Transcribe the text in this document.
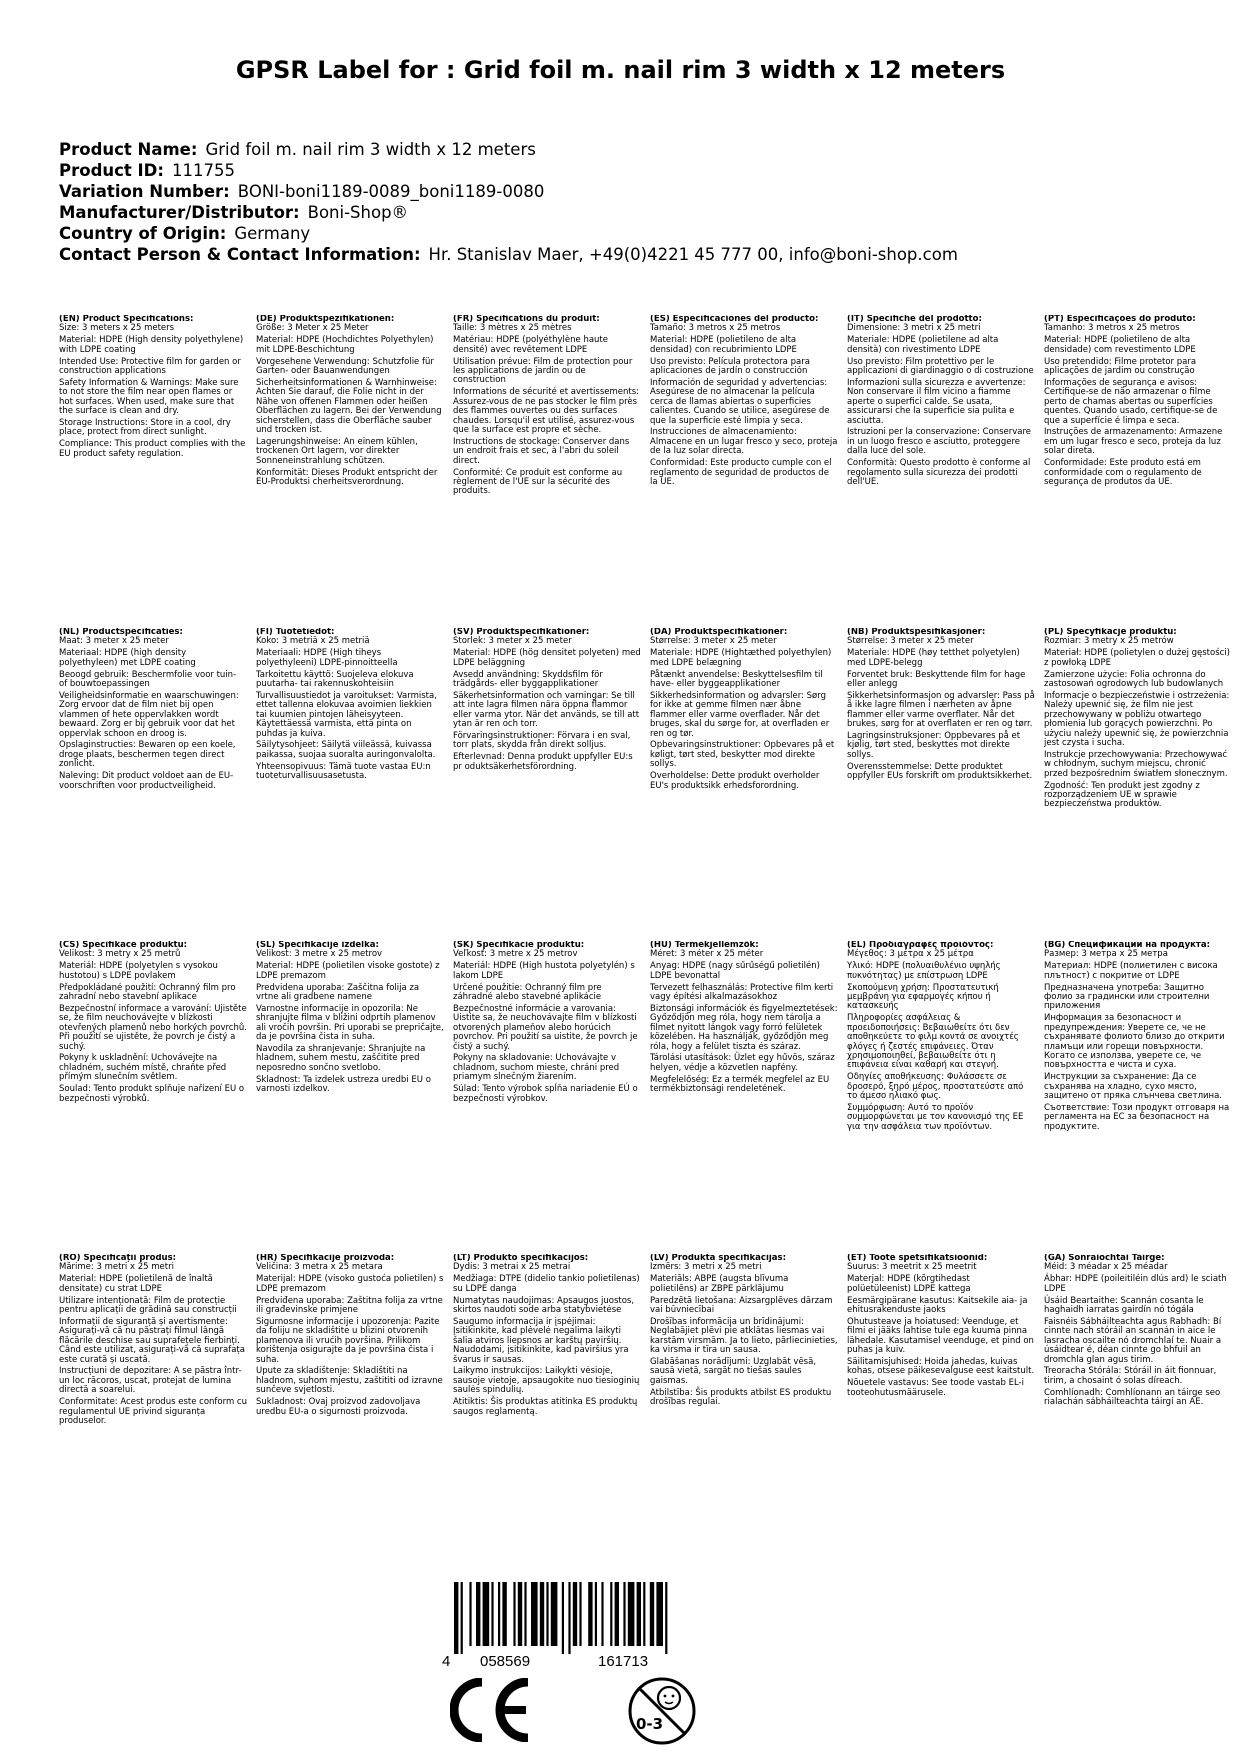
GPSR Label for : Grid foil m. nail rim 3 width x 12 meters
Product Name: Grid foil m. nail rim 3 width x 12 meters
Product ID: 111755
Variation Number: BONI-boni1189-0089_boni1189-0080
Manufacturer/Distributor: Boni-Shop®
Country of Origin: Germany
Contact Person & Contact Information: Hr. Stanislav Maer, +49(0)4221 45 777 00, info@boni-shop.com
(EN) Product Specifications:

Size: 3 meters x 25 meters

Material: HDPE (High density polyethylene) with LDPE coating

Intended Use: Protective film for garden or construction applications

Safety Information & Warnings: Make sure to not store the film near open flames or hot surfaces. When used, make sure that the surface is clean and dry.

Storage Instructions: Store in a cool, dry place, protect from direct sunlight.

Compliance: This product complies with the EU product safety regulation.

(DE) Produktspezifikationen:

Größe: 3 Meter x 25 Meter

Material: HDPE (Hochdichtes Polyethylen) mit LDPE-Beschichtung

Vorgesehene Verwendung: Schutzfolie für Garten- oder Bauanwendungen

Sicherheitsinformationen & Warnhinweise: Achten Sie darauf, die Folie nicht in der Nähe von offenen Flammen oder heißen Oberflächen zu lagern. Bei der Verwendung sicherstellen, dass die Oberfläche sauber und trocken ist.

Lagerungshinweise: An einem kühlen, trockenen Ort lagern, vor direkter Sonneneinstrahlung schützen.

Konformität: Dieses Produkt entspricht der EU-Produktsi cherheitsverordnung.

(FR) Spécifications du produit:

Taille: 3 mètres x 25 mètres

Matériau: HDPE (polyéthylène haute densité) avec revêtement LDPE

Utilisation prévue: Film de protection pour les applications de jardin ou de construction

Informations de sécurité et avertissements: Assurez-vous de ne pas stocker le film près des flammes ouvertes ou des surfaces chaudes. Lorsqu'il est utilisé, assurez-vous que la surface est propre et sèche.

Instructions de stockage: Conserver dans un endroit frais et sec, à l'abri du soleil direct.

Conformité: Ce produit est conforme au règlement de l'UE sur la sécurité des produits.

(ES) Especificaciones del producto:

Tamaño: 3 metros x 25 metros

Material: HDPE (polietileno de alta densidad) con recubrimiento LDPE

Uso previsto: Película protectora para aplicaciones de jardín o construcción

Información de seguridad y advertencias: Asegúrese de no almacenar la película cerca de llamas abiertas o superficies calientes. Cuando se utilice, asegúrese de que la superficie esté limpia y seca.

Instrucciones de almacenamiento: Almacene en un lugar fresco y seco, proteja de la luz solar directa.

Conformidad: Este producto cumple con el reglamento de seguridad de productos de la UE.

(IT) Specifiche del prodotto:

Dimensione: 3 metri x 25 metri

Materiale: HDPE (polietilene ad alta densità) con rivestimento LDPE

Uso previsto: Film protettivo per le applicazioni di giardinaggio o di costruzione

Informazioni sulla sicurezza e avvertenze: Non conservare il film vicino a fiamme aperte o superfici calde. Se usata, assicurarsi che la superficie sia pulita e asciutta.

Istruzioni per la conservazione: Conservare in un luogo fresco e asciutto, proteggere dalla luce del sole.

Conformità: Questo prodotto è conforme al regolamento sulla sicurezza dei prodotti dell'UE.

(PT) Especificações do produto:

Tamanho: 3 metros x 25 metros

Material: HDPE (polietileno de alta densidade) com revestimento LDPE

Uso pretendido: Filme protetor para aplicações de jardim ou construção

Informações de segurança e avisos: Certifique-se de não armazenar o filme perto de chamas abertas ou superfícies quentes. Quando usado, certifique-se de que a superfície é limpa e seca.

Instruções de armazenamento: Armazene em um lugar fresco e seco, proteja da luz solar direta.

Conformidade: Este produto está em conformidade com o regulamento de segurança de produtos da UE.

(NL) Productspecificaties:

Maat: 3 meter x 25 meter

Materiaal: HDPE (high density polyethyleen) met LDPE coating

Beoogd gebruik: Beschermfolie voor tuin- of bouwtoepassingen

Veiligheidsinformatie en waarschuwingen: Zorg ervoor dat de film niet bij open vlammen of hete oppervlakken wordt bewaard. Zorg er bij gebruik voor dat het oppervlak schoon en droog is.

Opslaginstructies: Bewaren op een koele, droge plaats, beschermen tegen direct zonlicht.

Naleving: Dit product voldoet aan de EU-voorschriften voor productveiligheid.

(FI) Tuotetiedot:

Koko: 3 metriä x 25 metriä

Materiaali: HDPE (High tiheys polyethyleeni) LDPE-pinnoitteella

Tarkoitettu käyttö: Suojeleva elokuva puutarha- tai rakennuskohteisiin

Turvallisuustiedot ja varoitukset: Varmista, ettet tallenna elokuvaa avoimien liekkien tai kuumien pintojen läheisyyteen. Käytettäessä varmista, että pinta on puhdas ja kuiva.

Säilytysohjeet: Säilytä viileässä, kuivassa paikassa, suojaa suoralta auringonvalolta.

Yhteensopivuus: Tämä tuote vastaa EU:n tuoteturvallisuusasetusta.

(SV) Produktspecifikationer:

Storlek: 3 meter x 25 meter

Material: HDPE (hög densitet polyeten) med LDPE beläggning

Avsedd användning: Skyddsfilm för trädgårds- eller byggapplikationer

Säkerhetsinformation och varningar: Se till att inte lagra filmen nära öppna flammor eller varma ytor. När det används, se till att ytan är ren och torr.

Förvaringsinstruktioner: Förvara i en sval, torr plats, skydda från direkt solljus.

Efterlevnad: Denna produkt uppfyller EU:s pr oduktsäkerhetsförordning.

(DA) Produktspecifikationer:

Størrelse: 3 meter x 25 meter

Materiale: HDPE (Hightæthed polyethylen) med LDPE belægning

Påtænkt anvendelse: Beskyttelsesfilm til have- eller byggeapplikationer

Sikkerhedsinformation og advarsler: Sørg for ikke at gemme filmen nær åbne flammer eller varme overflader. Når det bruges, skal du sørge for, at overfladen er ren og tør.

Opbevaringsinstruktioner: Opbevares på et køligt, tørt sted, beskytter mod direkte sollys.

Overholdelse: Dette produkt overholder EU's produktsikk erhedsforordning.

(NB) Produktspesifikasjoner:

Størrelse: 3 meter x 25 meter

Materiale: HDPE (høy tetthet polyetylen) med LDPE-belegg

Forventet bruk: Beskyttende film for hage eller anlegg

Sikkerhetsinformasjon og advarsler: Pass på å ikke lagre filmen i nærheten av åpne flammer eller varme overflater. Når det brukes, sørg for at overflaten er ren og tørr.

Lagringsinstruksjoner: Oppbevares på et kjølig, tørt sted, beskyttes mot direkte sollys.

Overensstemmelse: Dette produktet oppfyller EUs forskrift om produktsikkerhet.

(PL) Specyfikacje produktu:

Rozmiar: 3 metry x 25 metrów

Materiał: HDPE (polietylen o dużej gęstości) z powłoką LDPE

Zamierzone użycie: Folia ochronna do zastosowań ogrodowych lub budowlanych

Informacje o bezpieczeństwie i ostrzeżenia: Należy upewnić się, że film nie jest przechowywany w pobliżu otwartego płomienia lub gorących powierzchni. Po użyciu należy upewnić się, że powierzchnia jest czysta i sucha.

Instrukcje przechowywania: Przechowywać w chłodnym, suchym miejscu, chronić przed bezpośrednim światłem słonecznym.

Zgodność: Ten produkt jest zgodny z rozporządzeniem UE w sprawie bezpieczeństwa produktów.

(CS) Specifikace produktu:

Velikost: 3 metry x 25 metrů

Materiál: HDPE (polyetylen s vysokou hustotou) s LDPE povlakem

Předpokládané použití: Ochranný film pro zahradní nebo stavební aplikace

Bezpečnostní informace a varování: Ujistěte se, že film neuchovávejte v blízkosti otevřených plamenů nebo horkých povrchů. Při použití se ujistěte, že povrch je čistý a suchý.

Pokyny k uskladnění: Uchovávejte na chladném, suchém místě, chraňte před přímým slunečním světlem.

Soulad: Tento produkt splňuje nařízení EU o bezpečnosti výrobků.

(SL) Specifikacije izdelka:

Velikost: 3 metre x 25 metrov

Material: HDPE (polietilen visoke gostote) z LDPE premazom

Predvidena uporaba: Zaščitna folija za vrtne ali gradbene namene

Varnostne informacije in opozorila: Ne shranjujte filma v bližini odprtih plamenov ali vročih površin. Pri uporabi se prepričajte, da je površina čista in suha.

Navodila za shranjevanje: Shranjujte na hladnem, suhem mestu, zaščitite pred neposredno sončno svetlobo.

Skladnost: Ta izdelek ustreza uredbi EU o varnosti izdelkov.

(SK) Špecifikácie produktu:

Veľkosť: 3 metre x 25 metrov

Materiál: HDPE (High hustota polyetylén) s lakom LDPE

Určené použitie: Ochranný film pre záhradné alebo stavebné aplikácie

Bezpečnostné informácie a varovania: Uistite sa, že neuchovávajte film v blízkosti otvorených plameňov alebo horúcich povrchov. Pri použití sa uistite, že povrch je čistý a suchý.

Pokyny na skladovanie: Uchovávajte v chladnom, suchom mieste, chráni pred priamym slnečným žiarením.

Súlad: Tento výrobok spĺňa nariadenie EÚ o bezpečnosti výrobkov.

(HU) Termékjellemzők:

Méret: 3 méter x 25 méter

Anyag: HDPE (nagy sűrűségű polietilén) LDPE bevonattal

Tervezett felhasználás: Protective film kerti vagy építési alkalmazásokhoz

Biztonsági információk és figyelmeztetések: Győződjön meg róla, hogy nem tárolja a filmet nyitott lángok vagy forró felületek közelében. Ha használják, győződjön meg róla, hogy a felület tiszta és száraz.

Tárolási utasítások: Üzlet egy hűvös, száraz helyen, védje a közvetlen napfény.

Megfelelőség: Ez a termék megfelel az EU termékbiztonsági rendeletének.

(EL) Προδιαγραφές προϊόντος:

Μέγεθος: 3 μέτρα x 25 μέτρα

Υλικό: HDPE (πολυαιθυλένιο υψηλής πυκνότητας) με επίστρωση LDPE

Σκοπούμενη χρήση: Προστατευτική μεμβράνη για εφαρμογές κήπου ή κατασκευής

Πληροφορίες ασφάλειας & προειδοποιήσεις: Βεβαιωθείτε ότι δεν αποθηκεύετε το φιλμ κοντά σε ανοιχτές φλόγες ή ζεστές επιφάνειες. Όταν χρησιμοποιηθεί, βεβαιωθείτε ότι η επιφάνεια είναι καθαρή και στεγνή.

Οδηγίες αποθήκευσης: Φυλάσσετε σε δροσερό, ξηρό μέρος, προστατεύστε από το άμεσο ηλιακό φως.

Συμμόρφωση: Αυτό το προϊόν συμμορφώνεται με τον κανονισμό της ΕΕ για την ασφάλεια των προϊόντων.

(BG) Спецификации на продукта:

Размер: 3 метра x 25 метра

Материал: HDPE (полиетилен с висока плътност) с покритие от LDPE

Предназначена употреба: Защитно фолио за градински или строителни приложения

Информация за безопасност и предупреждения: Уверете се, че не съхранявате фолиото близо до открити пламъци или горещи повърхности. Когато се използва, уверете се, че повърхността е чиста и суха.

Инструкции за съхранение: Да се съхранява на хладно, сухо място, защитено от пряка слънчева светлина.

Съответствие: Този продукт отговаря на регламента на ЕС за безопасност на продуктите.

(RO) Specificații produs:

Mărime: 3 metri x 25 metri

Material: HDPE (polietilenă de înaltă densitate) cu strat LDPE

Utilizare intenționată: Film de protecție pentru aplicații de grădină sau construcții

Informații de siguranță și avertismente: Asigurați-vă că nu păstrați filmul lângă flăcările deschise sau suprafețele fierbinți. Când este utilizat, asigurați-vă că suprafața este curată și uscată.

Instrucțiuni de depozitare: A se păstra într- un loc răcoros, uscat, protejat de lumina directă a soarelui.

Conformitate: Acest produs este conform cu regulamentul UE privind siguranța produselor.

(HR) Specifikacije proizvoda:

Veličina: 3 metra x 25 metara

Materijal: HDPE (visoko gustoća polietilen) s LDPE premazom

Predviđena uporaba: Zaštitna folija za vrtne ili građevinske primjene

Sigurnosne informacije i upozorenja: Pazite da foliju ne skladištite u blizini otvorenih plamenova ili vrućih površina. Prilikom korištenja osigurajte da je površina čista i suha.

Upute za skladištenje: Skladištiti na hladnom, suhom mjestu, zaštititi od izravne sunčeve svjetlosti.

Sukladnost: Ovaj proizvod zadovoljava uredbu EU-a o sigurnosti proizvoda.

(LT) Produkto specifikacijos:

Dydis: 3 metrai x 25 metrai

Medžiaga: DTPE (didelio tankio polietilenas) su LDPE danga

Numatytas naudojimas: Apsaugos juostos, skirtos naudoti sode arba statybvietėse

Saugumo informacija ir įspėjimai: Įsitikinkite, kad plėvelė negalima laikyti šalia atviros liepsnos ar karštų paviršių. Naudodami, įsitikinkite, kad paviršius yra švarus ir sausas.

Laikymo instrukcijos: Laikykti vėsioje, sausoje vietoje, apsaugokite nuo tiesioginių saulės spindulių.

Atitiktis: Šis produktas atitinka ES produktų saugos reglamentą.

(LV) Produkta specifikācijas:

Izmērs: 3 metri x 25 metri

Materiāls: ABPE (augsta blīvuma polietilēns) ar ZBPE pārklājumu

Paredzētā lietošana: Aizsargplēves dārzam vai būvniecībai

Drošības informācija un brīdinājumi: Neglabājiet plēvi pie atklātas liesmas vai karstām virsmām. Ja to lieto, pārliecinieties, ka virsma ir tīra un sausa.

Glabāšanas norādījumi: Uzglabāt vēsā, sausā vietā, sargāt no tiešas saules gaismas.

Atbilstība: Šis produkts atbilst ES produktu drošības regulai.

(ET) Toote spetsifikatsioonid:

Suurus: 3 meetrit x 25 meetrit

Materjal: HDPE (kõrgtihedast polüetüleenist) LDPE kattega

Eesmärgipärane kasutus: Kaitsekile aia- ja ehitusrakenduste jaoks

Ohutusteave ja hoiatused: Veenduge, et filmi ei jääks lahtise tule ega kuuma pinna lähedale. Kasutamisel veenduge, et pind on puhas ja kuiv.

Säilitamisjuhised: Hoida jahedas, kuivas kohas, otsese päikesevalguse eest kaitstult.

Nõuetele vastavus: See toode vastab EL-i tooteohutusmäärusele.

(GA) Sonraíochtaí Táirge:

Méid: 3 méadar x 25 méadar

Ábhar: HDPE (poileitiléin dlús ard) le sciath LDPE

Úsáid Beartaithe: Scannán cosanta le haghaidh iarratas gairdín nó tógála

Faisnéis Sábháilteachta agus Rabhadh: Bí cinnte nach stóráil an scannán in aice le lasracha oscailte nó dromchlaí te. Nuair a úsáidtear é, déan cinnte go bhfuil an dromchla glan agus tirim.

Treoracha Stórála: Stóráil in áit fionnuar, tirim, a chosaint ó solas díreach.

Comhlíonadh: Comhlíonann an táirge seo rialachán sábháilteachta táirgí an AE.

4 058569	161713
0-3
